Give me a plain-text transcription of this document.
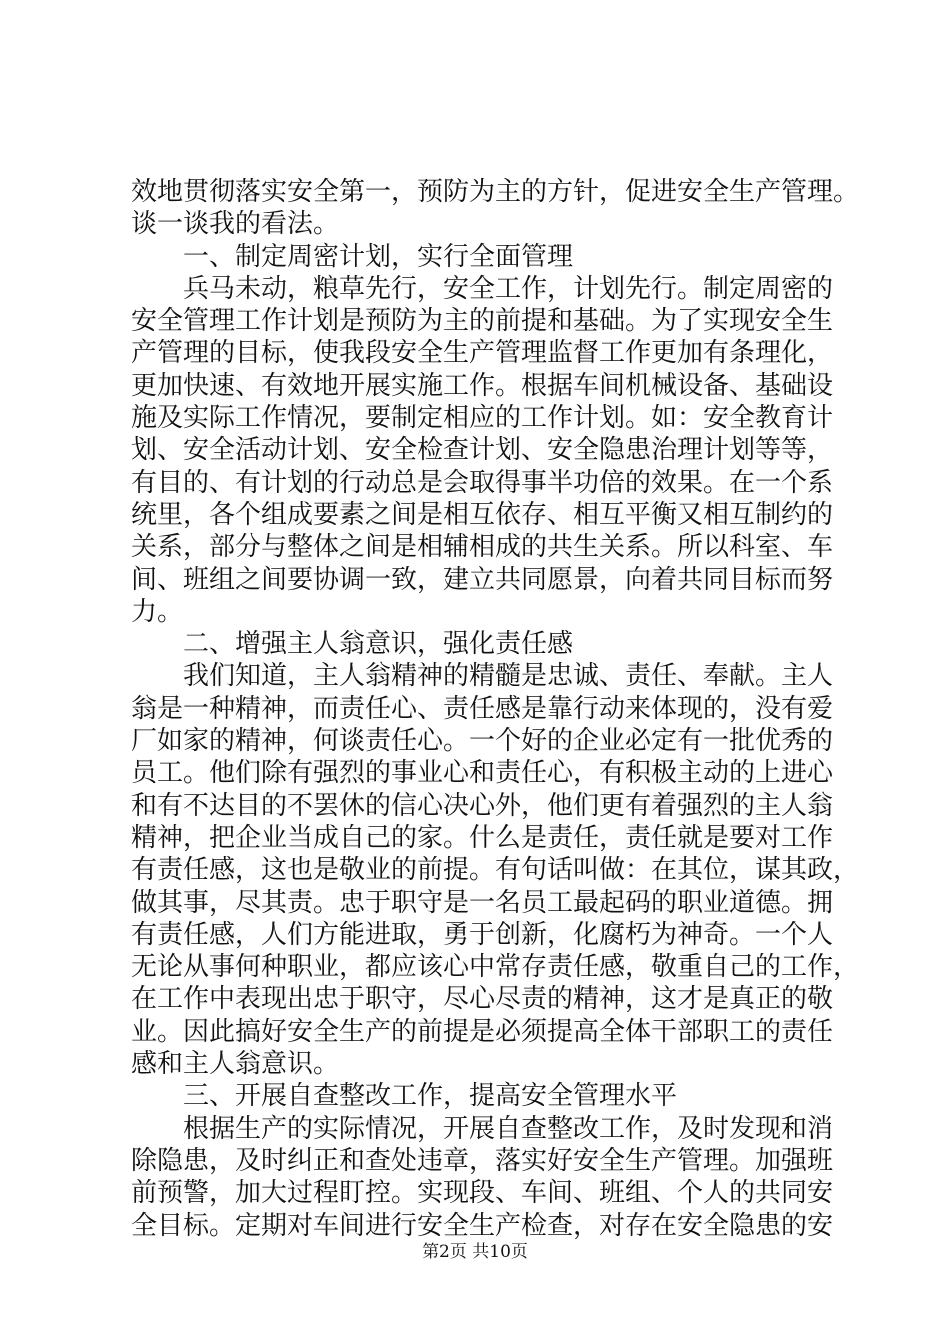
效地贯彻落实安全第一，预防为主的方针，促进安全生产管理。
谈一谈我的看法。
一、制定周密计划，实行全面管理
兵马未动，粮草先行，安全工作，计划先行。制定周密的
安全管理工作计划是预防为主的前提和基础。为了实现安全生
产管理的目标，使我段安全生产管理监督工作更加有条理化，
更加快速、有效地开展实施工作。根据车间机械设备、基础设
施及实际工作情况，要制定相应的工作计划。如：安全教育计
划、安全活动计划、安全检查计划、安全隐患治理计划等等，
有目的、有计划的行动总是会取得事半功倍的效果。在一个系
统里，各个组成要素之间是相互依存、相互平衡又相互制约的
关系，部分与整体之间是相辅相成的共生关系。所以科室、车
间、班组之间要协调一致，建立共同愿景，向着共同目标而努
力。
二、增强主人翁意识，强化责任感
我们知道，主人翁精神的精髓是忠诚、责任、奉献。主人
翁是一种精神，而责任心、责任感是靠行动来体现的，没有爱
厂如家的精神，何谈责任心。一个好的企业必定有一批优秀的
员工。他们除有强烈的事业心和责任心，有积极主动的上进心
和有不达目的不罢休的信心决心外，他们更有着强烈的主人翁
精神，把企业当成自己的家。什么是责任，责任就是要对工作
有责任感，这也是敬业的前提。有句话叫做：在其位，谋其政，
做其事，尽其责。忠于职守是一名员工最起码的职业道德。拥
有责任感，人们方能进取，勇于创新，化腐朽为神奇。一个人
无论从事何种职业，都应该心中常存责任感，敬重自己的工作，
在工作中表现出忠于职守，尽心尽责的精神，这才是真正的敬
业。因此搞好安全生产的前提是必须提高全体干部职工的责任
感和主人翁意识。
三、开展自查整改工作，提高安全管理水平
根据生产的实际情况，开展自查整改工作，及时发现和消
除隐患，及时纠正和查处违章，落实好安全生产管理。加强班
前预警，加大过程盯控。实现段、车间、班组、个人的共同安
全目标。定期对车间进行安全生产检查，对存在安全隐患的安
第2页 共10页
